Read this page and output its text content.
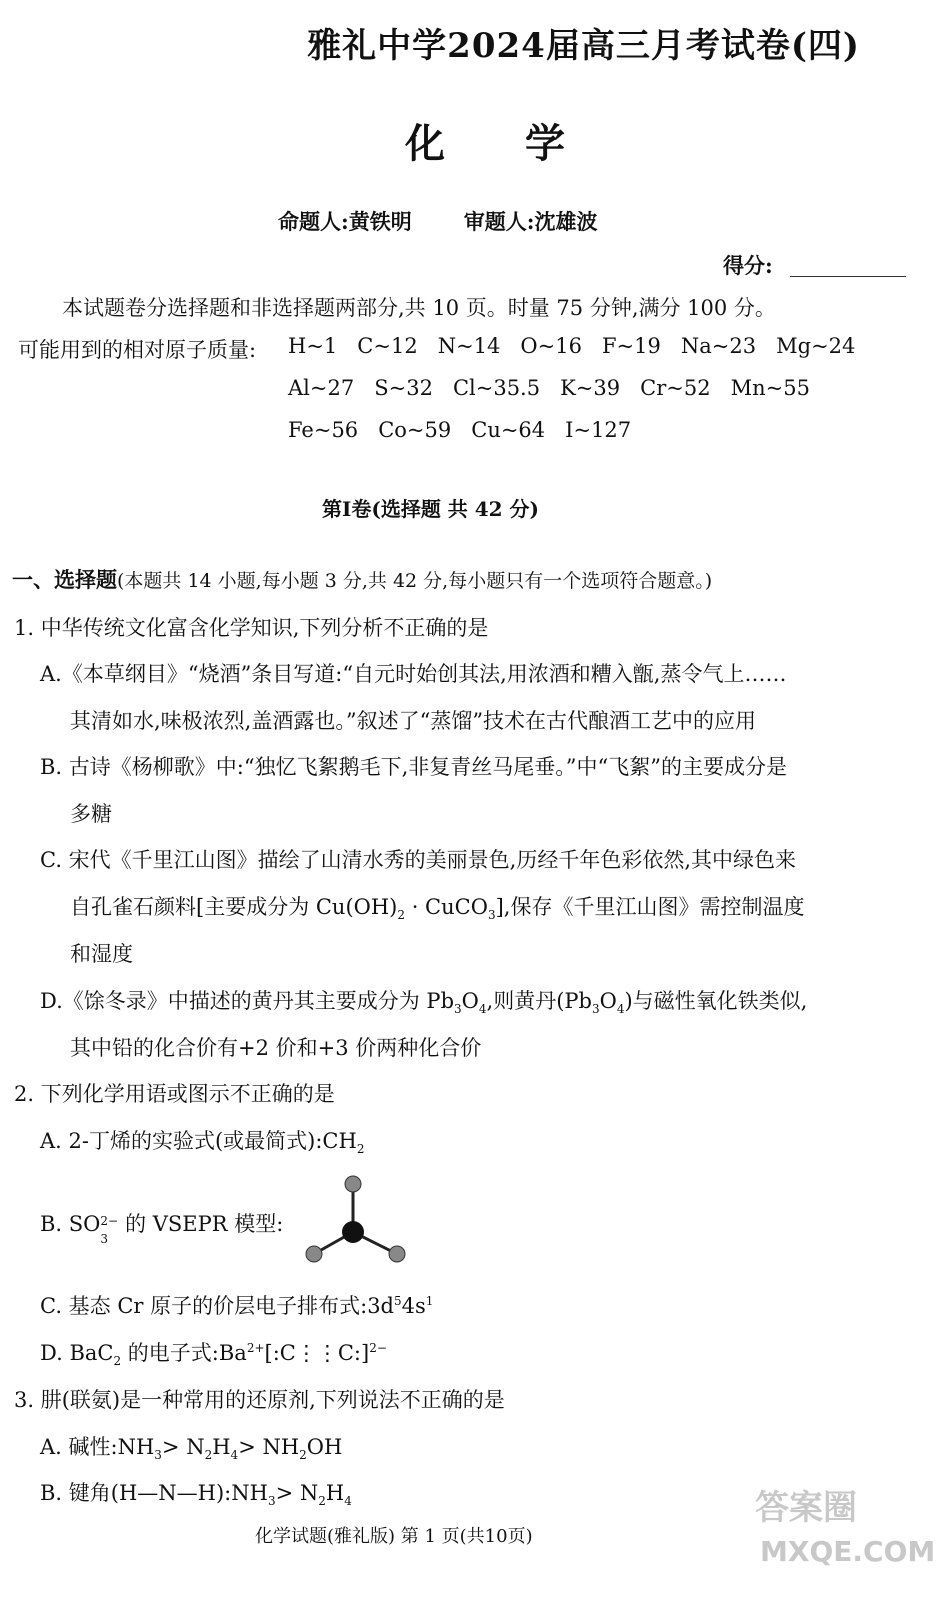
雅礼中学2024届高三月考试卷(四)
化学
命题人:黄铁明 审题人:沈雄波
得分:
本试题卷分选择题和非选择题两部分,共 10 页。时量 75 分钟,满分 100 分。
可能用到的相对原子质量: H~1   C~12   N~14   O~16   F~19   Na~23   Mg~24
Al~27   S~32   Cl~35.5   K~39   Cr~52   Mn~55
Fe~56   Co~59   Cu~64   I~127
第Ⅰ卷(选择题 共 42 分)
一、选择题(本题共 14 小题,每小题 3 分,共 42 分,每小题只有一个选项符合题意。)
1. 中华传统文化富含化学知识,下列分析不正确的是
A.《本草纲目》“烧酒”条目写道:“自元时始创其法,用浓酒和糟入甑,蒸令气上……
其清如水,味极浓烈,盖酒露也。”叙述了“蒸馏”技术在古代酿酒工艺中的应用
B. 古诗《杨柳歌》中:“独忆飞絮鹅毛下,非复青丝马尾垂。”中“飞絮”的主要成分是
多糖
C. 宋代《千里江山图》描绘了山清水秀的美丽景色,历经千年色彩依然,其中绿色来
自孔雀石颜料[主要成分为 $Cu(OH)_2$ · CuCO$_3$],保存《千里江山图》需控制温度
和湿度
D.《馀冬录》中描述的黄丹其主要成分为 $Pb_3O_4$,则黄丹$(Pb_3O_4)$与磁性氧化铁类似,
其中铅的化合价有+2 价和+3 价两种化合价
2. 下列化学用语或图示不正确的是
A. 2-丁烯的实验式(或最简式)$:CH_2$
B. SO 2−
3
的 VSEPR 模型:
C. 基态 Cr 原子的价层电子排布式$:3d^54s^1$
D. BaC$_2$ 的电子式$:Ba^{2+}[:C⋮⋮C:]^{2-}$
3. 肼(联氨)是一种常用的还原剂,下列说法不正确的是
A. 碱性$:NH_3> N_2H_4> NH_2OH$
B. 键角$(H—N—H):NH_3> N_2H_4$	答案圈
MXQE.COM
化学试题(雅礼版) 第 1 页(共10页)
